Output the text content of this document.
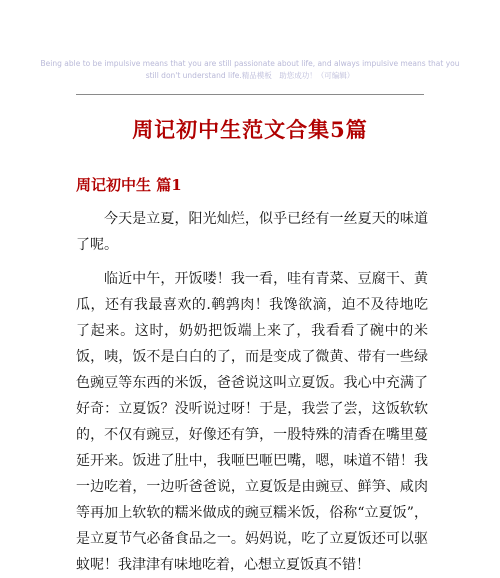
Being able to be impulsive means that you are still passionate about life, and always impulsive means that you
still don't understand life.精品模板　助您成功！（可编辑）
周记初中生范文合集5篇
周记初中生 篇1

今天是立夏，阳光灿烂，似乎已经有一丝夏天的味道了呢。

临近中午，开饭喽！我一看，哇有青菜、豆腐干、黄瓜，还有我最喜欢的.鹌鹑肉！我馋欲滴，迫不及待地吃了起来。这时，奶奶把饭端上来了，我看看了碗中的米饭，咦，饭不是白白的了，而是变成了微黄、带有一些绿色豌豆等东西的米饭，爸爸说这叫立夏饭。我心中充满了好奇：立夏饭？没听说过呀！于是，我尝了尝，这饭软软的，不仅有豌豆，好像还有笋，一股特殊的清香在嘴里蔓延开来。饭进了肚中，我咂巴咂巴嘴，嗯，味道不错！我一边吃着，一边听爸爸说，立夏饭是由豌豆、鲜笋、咸肉等再加上软软的糯米做成的豌豆糯米饭，俗称“立夏饭”，是立夏节气必备食品之一。妈妈说，吃了立夏饭还可以驱蚊呢！我津津有味地吃着，心想立夏饭真不错！
